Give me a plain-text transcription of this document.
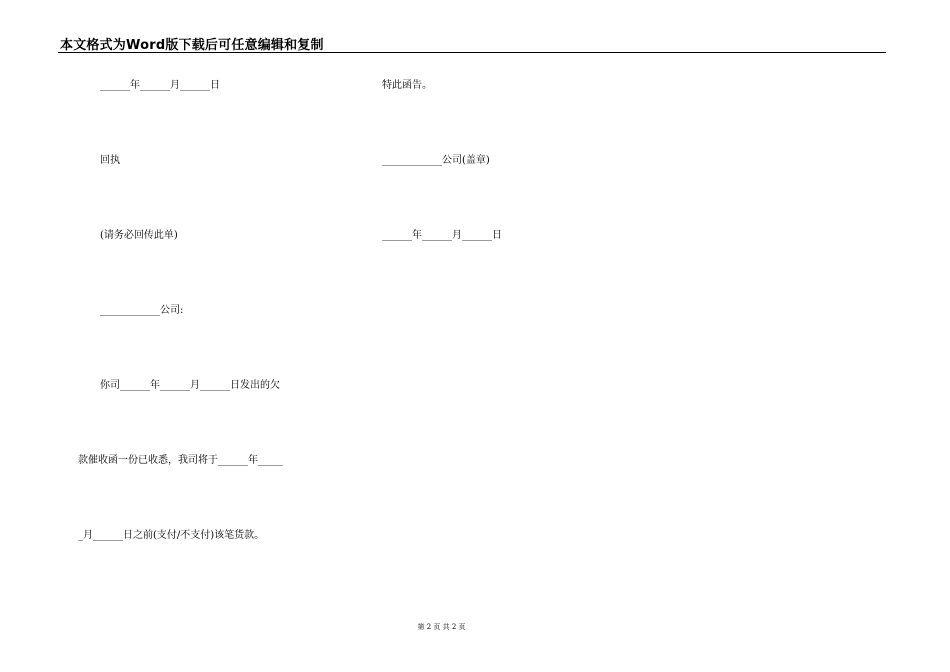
本文格式为Word版下载后可任意编辑和复制
______年______月______日
回执
(请务必回传此单)
____________公司:
你司______年______月______日发出的欠
款催收函一份已收悉，我司将于______年_____
_月______日之前(支付/不支付)该笔货款。
特此函告。
____________公司(盖章)
______年______月______日
第 2 页 共 2 页
